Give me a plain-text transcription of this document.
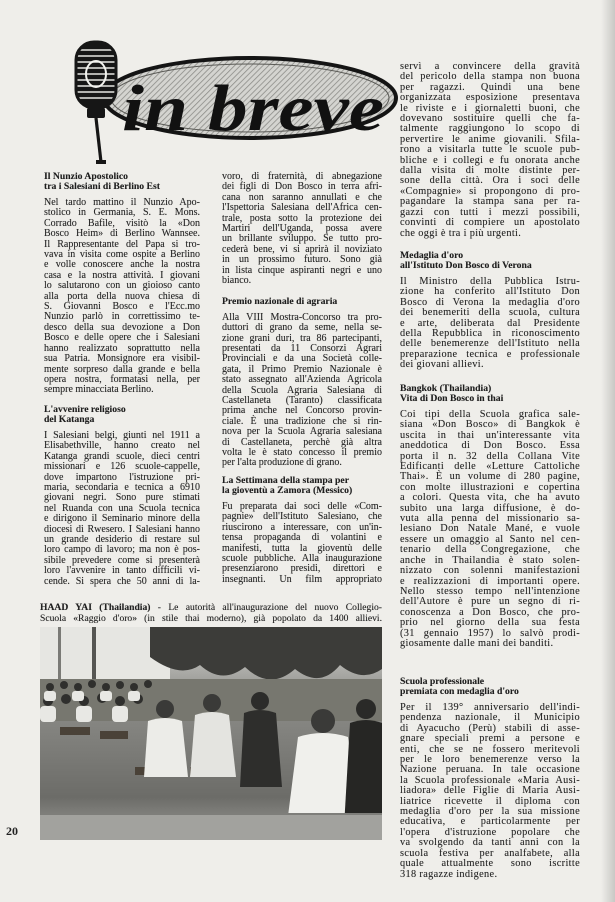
in breve
Il Nunzio Apostolico
tra i Salesiani di Berlino Est
Nel tardo mattino il Nunzio Apo-
stolico in Germania, S. E. Mons.
Corrado Bafile, visitò la «Don
Bosco Heim» di Berlino Wannsee.
Il Rappresentante del Papa si tro-
vava in visita come ospite a Berlino
e volle conoscere anche la nostra
casa e la nostra attività. I giovani
lo salutarono con un gioioso canto
alla porta della nuova chiesa di
S. Giovanni Bosco e l'Ecc.mo
Nunzio parlò in correttissimo te-
desco della sua devozione a Don
Bosco e delle opere che i Salesiani
hanno realizzato soprattutto nella
sua Patria. Monsignore era visibil-
mente sorpreso dalla grande e bella
opera nostra, formatasi nella, per
sempre minacciata Berlino.
L'avvenire religioso
del Katanga
I Salesiani belgi, giunti nel 1911 a
Elisabethville, hanno creato nel
Katanga grandi scuole, dieci centri
missionari e 126 scuole-cappelle,
dove impartono l'istruzione pri-
maria, secondaria e tecnica a 6910
giovani negri. Sono pure stimati
nel Ruanda con una Scuola tecnica
e dirigono il Seminario minore della
diocesi di Rwesero. I Salesiani hanno
un grande desiderio di restare sul
loro campo di lavoro; ma non è pos-
sibile prevedere come si presenterà
loro l'avvenire in tanto difficili vi-
cende. Si spera che 50 anni di la-
voro, di fraternità, di abnegazione
dei figli di Don Bosco in terra afri-
cana non saranno annullati e che
l'Ispettoria Salesiana dell'Africa cen-
trale, posta sotto la protezione dei
Martiri dell'Uganda, possa avere
un brillante sviluppo. Se tutto pro-
cederà bene, vi si aprirà il noviziato
in un prossimo futuro. Sono già
in lista cinque aspiranti negri e uno
bianco.
Premio nazionale di agraria
Alla VIII Mostra-Concorso tra pro-
duttori di grano da seme, nella se-
zione grani duri, tra 86 partecipanti,
presentati da 11 Consorzi Agrari
Provinciali e da una Società colle-
gata, il Primo Premio Nazionale è
stato assegnato all'Azienda Agricola
della Scuola Agraria Salesiana di
Castellaneta (Taranto) classificata
prima anche nel Concorso provin-
ciale. È una tradizione che si rin-
nova per la Scuola Agraria salesiana
di Castellaneta, perchè già altra
volta le è stato concesso il premio
per l'alta produzione di grano.
La Settimana della stampa per
la gioventù a Zamora (Messico)
Fu preparata dai soci delle «Com-
pagnie» dell'Istituto Salesiano, che
riuscirono a interessare, con un'in-
tensa propaganda di volantini e
manifesti, tutta la gioventù delle
scuole pubbliche. Alla inaugurazione
presenziarono presidi, direttori e
insegnanti. Un film appropriato
servì a convincere della gravità
del pericolo della stampa non buona
per ragazzi. Quindi una bene
organizzata esposizione presentava
le riviste e i giornaletti buoni, che
dovevano sostituire quelli che fa-
talmente raggiungono lo scopo di
pervertire le anime giovanili. Sfila-
rono a visitarla tutte le scuole pub-
bliche e i collegi e fu onorata anche
dalla visita di molte distinte per-
sone della città. Ora i soci delle
«Compagnie» si propongono di pro-
pagandare la stampa sana per ra-
gazzi con tutti i mezzi possibili,
convinti di compiere un apostolato
che oggi è tra i più urgenti.
Medaglia d'oro
all'Istituto Don Bosco di Verona
Il Ministro della Pubblica Istru-
zione ha conferito all'Istituto Don
Bosco di Verona la medaglia d'oro
dei benemeriti della scuola, cultura
e arte, deliberata dal Presidente
della Repubblica in riconoscimento
delle benemerenze dell'Istituto nella
preparazione tecnica e professionale
dei giovani allievi.
Bangkok (Thailandia)
Vita di Don Bosco in thai
Coi tipi della Scuola grafica sale-
siana «Don Bosco» di Bangkok è
uscita in thai un'interessante vita
aneddotica di Don Bosco. Essa
porta il n. 32 della Collana Vite
Edificanti delle «Letture Cattoliche
Thai». È un volume di 280 pagine,
con molte illustrazioni e copertina
a colori. Questa vita, che ha avuto
subito una larga diffusione, è do-
vuta alla penna del missionario sa-
lesiano Don Natale Mané, e vuole
essere un omaggio al Santo nel cen-
tenario della Congregazione, che
anche in Thailandia è stato solen-
nizzato con solenni manifestazioni
e realizzazioni di importanti opere.
Nello stesso tempo nell'intenzione
dell'Autore è pure un segno di ri-
conoscenza a Don Bosco, che pro-
prio nel giorno della sua festa
(31 gennaio 1957) lo salvò prodi-
giosamente dalle mani dei banditi.
Scuola professionale
premiata con medaglia d'oro
Per il 139° anniversario dell'indi-
pendenza nazionale, il Municipio
di Ayacucho (Perù) stabilì di asse-
gnare speciali premi a persone e
enti, che se ne fossero meritevoli
per le loro benemerenze verso la
Nazione peruana. In tale occasione
la Scuola professionale «Maria Ausi-
liadora» delle Figlie di Maria Ausi-
liatrice ricevette il diploma con
medaglia d'oro per la sua missione
educativa, e particolarmente per
l'opera d'istruzione popolare che
va svolgendo da tanti anni con la
scuola festiva per analfabete, alla
quale attualmente sono iscritte
318 ragazze indigene.
HAAD YAI (Thailandia) - Le autorità all'inaugurazione del nuovo Collegio-
Scuola «Raggio d'oro» (in stile thai moderno), già popolato da 1400 allievi.
20
